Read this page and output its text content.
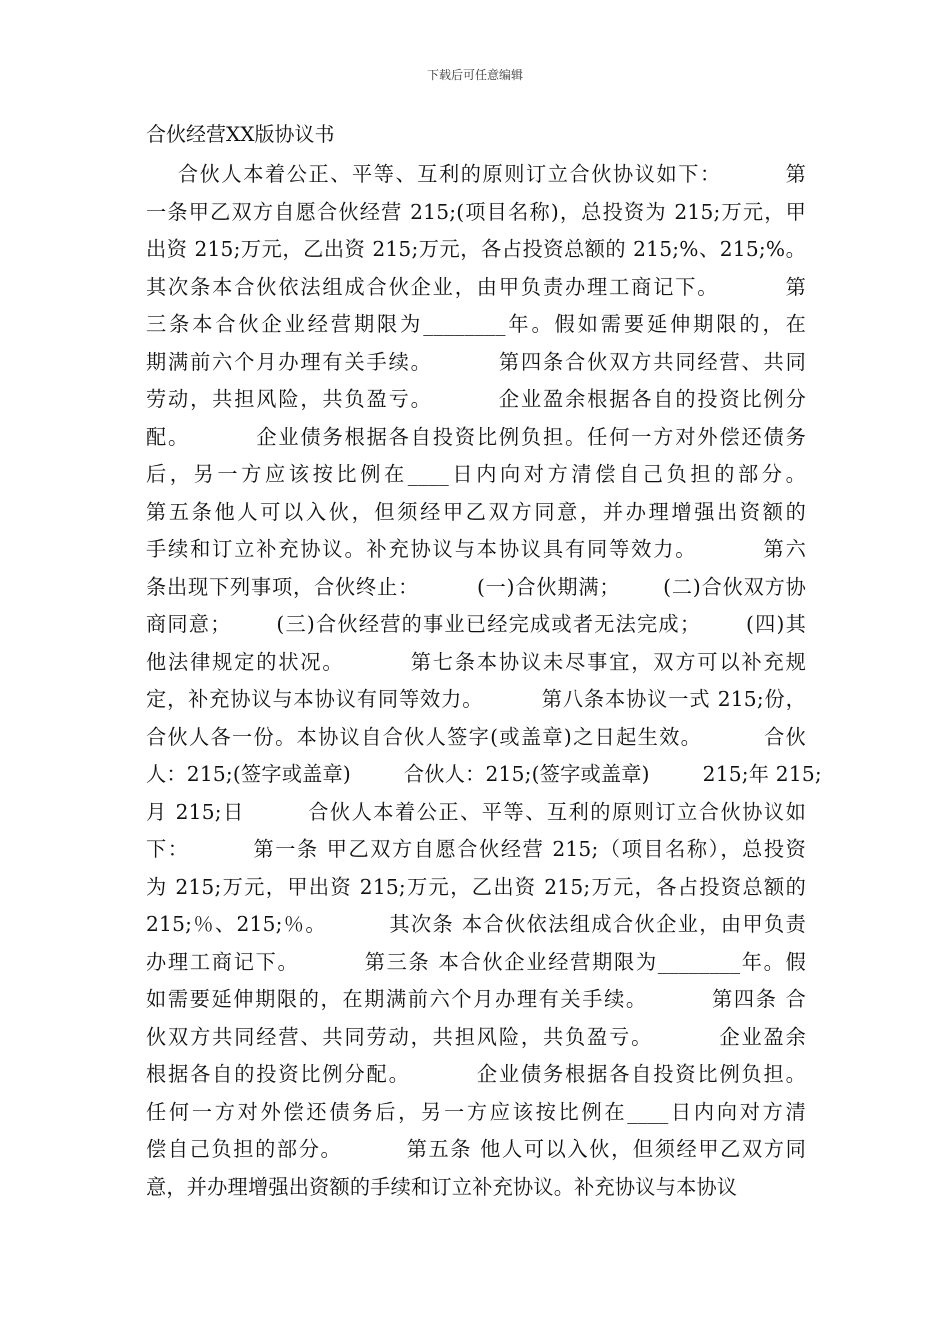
下载后可任意编辑
合伙经营XX版协议书
合伙人本着公正、平等、互利的原则订立合伙协议如下：        第
一条甲乙双方自愿合伙经营 215;(项目名称)，总投资为 215;万元，甲
出资 215;万元，乙出资 215;万元，各占投资总额的 215;%、215;%。
其次条本合伙依法组成合伙企业，由甲负责办理工商记下。        第
三条本合伙企业经营期限为________年。假如需要延伸期限的，在
期满前六个月办理有关手续。        第四条合伙双方共同经营、共同
劳动，共担风险，共负盈亏。        企业盈余根据各自的投资比例分
配。        企业债务根据各自投资比例负担。任何一方对外偿还债务
后，另一方应该按比例在____日内向对方清偿自己负担的部分。
第五条他人可以入伙，但须经甲乙双方同意，并办理增强出资额的
手续和订立补充协议。补充协议与本协议具有同等效力。        第六
条出现下列事项，合伙终止：        (一)合伙期满；      (二)合伙双方协
商同意；      (三)合伙经营的事业已经完成或者无法完成；      (四)其
他法律规定的状况。        第七条本协议未尽事宜，双方可以补充规
定，补充协议与本协议有同等效力。        第八条本协议一式 215;份，
合伙人各一份。本协议自合伙人签字(或盖章)之日起生效。        合伙
人：215;(签字或盖章)        合伙人：215;(签字或盖章)        215;年 215;
月 215;日        合伙人本着公正、平等、互利的原则订立合伙协议如
下：        第一条 甲乙双方自愿合伙经营 215;（项目名称），总投资
为 215;万元，甲出资 215;万元，乙出资 215;万元，各占投资总额的
215;％、215;％。        其次条 本合伙依法组成合伙企业，由甲负责
办理工商记下。        第三条 本合伙企业经营期限为________年。假
如需要延伸期限的，在期满前六个月办理有关手续。        第四条 合
伙双方共同经营、共同劳动，共担风险，共负盈亏。        企业盈余
根据各自的投资比例分配。        企业债务根据各自投资比例负担。
任何一方对外偿还债务后，另一方应该按比例在____日内向对方清
偿自己负担的部分。        第五条 他人可以入伙，但须经甲乙双方同
意，并办理增强出资额的手续和订立补充协议。补充协议与本协议
